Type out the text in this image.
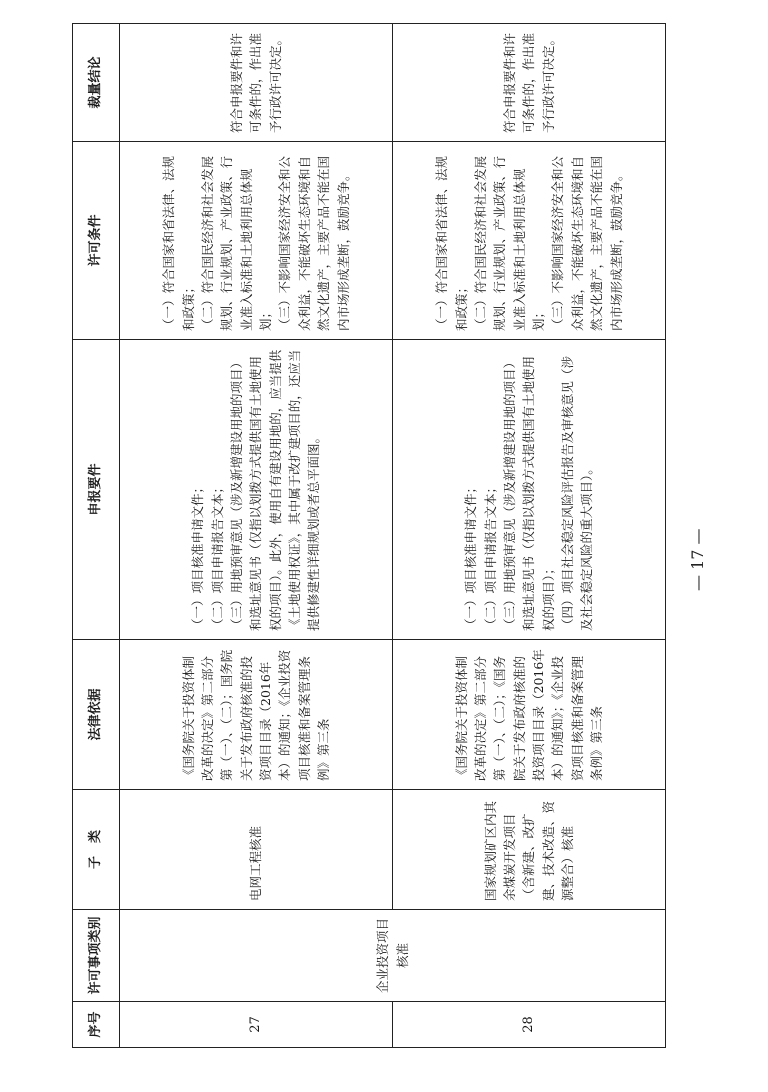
序号	许可事项类别	子　类	法律依据	申报要件	许可条件	裁量结论
27	企业投资项目核准	电网工程核准	《国务院关于投资体制改革的决定》第二部分第（一）、（二）；国务院关于发布政府核准的投资项目目录（2016年本）的通知；《企业投资项目核准和备案管理条例》第三条	（一）项目核准申请文件； （二）项目申请报告文本； （三）用地预审意见（涉及新增建设用地的项目）和选址意见书（仅指以划拨方式提供国有土地使用权的项目）。此外，使用自有建设用地的，应当提供《土地使用权证》，其中属于改扩建项目的，还应当提供修建性详细规划或者总平面图。	（一）符合国家和省法律、法规和政策； （二）符合国民经济和社会发展规划、行业规划、产业政策、行业准入标准和土地利用总体规划； （三）不影响国家经济安全和公众利益，不能破坏生态环境和自然文化遗产，主要产品不能在国内市场形成垄断，鼓励竞争。	符合申报要件和许可条件的，作出准予行政许可决定。
28		国家规划矿区内其余煤炭开发项目（含新建、改扩建、技术改造、资源整合）核准	《国务院关于投资体制改革的决定》第二部分第（一）、（二）；《国务院关于发布政府核准的投资项目目录（2016年本）的通知》；《企业投资项目核准和备案管理条例》第三条	（一）项目核准申请文件； （二）项目申请报告文本； （三）用地预审意见（涉及新增建设用地的项目）和选址意见书（仅指以划拨方式提供国有土地使用权的项目）； （四）项目社会稳定风险评估报告及审核意见（涉及社会稳定风险的重大项目）。	（一）符合国家和省法律、法规和政策； （二）符合国民经济和社会发展规划、行业规划、产业政策、行业准入标准和土地利用总体规划； （三）不影响国家经济安全和公众利益，不能破坏生态环境和自然文化遗产，主要产品不能在国内市场形成垄断，鼓励竞争。	符合申报要件和许可条件的，作出准予行政许可决定。
— 17 —
